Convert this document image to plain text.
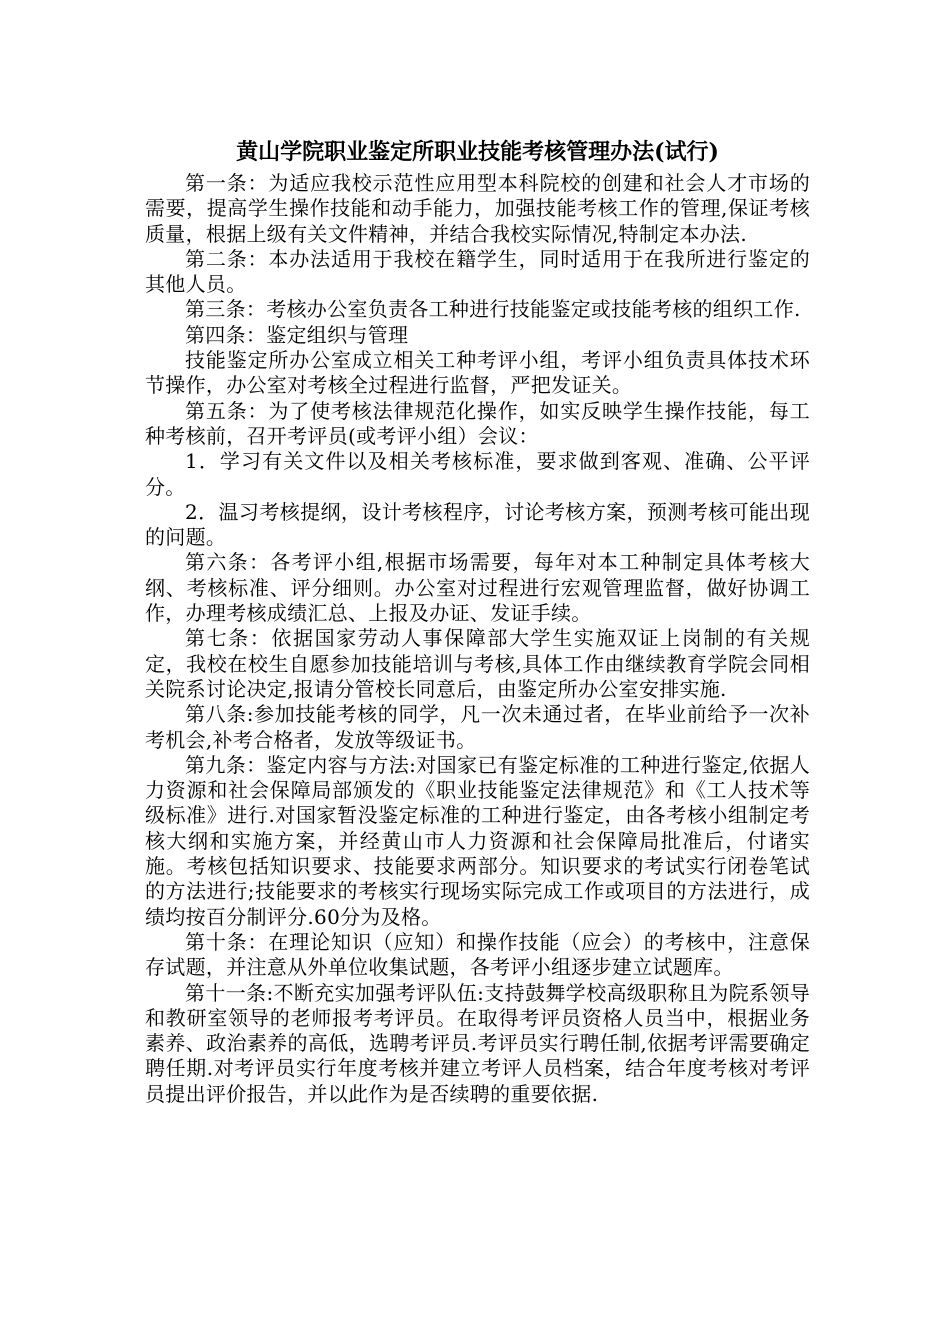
黄山学院职业鉴定所职业技能考核管理办法(试行)

第一条：为适应我校示范性应用型本科院校的创建和社会人才市场的需要，提高学生操作技能和动手能力，加强技能考核工作的管理,保证考核质量，根据上级有关文件精神，并结合我校实际情况,特制定本办法.

第二条：本办法适用于我校在籍学生，同时适用于在我所进行鉴定的其他人员。

第三条：考核办公室负责各工种进行技能鉴定或技能考核的组织工作.

第四条：鉴定组织与管理

技能鉴定所办公室成立相关工种考评小组，考评小组负责具体技术环节操作，办公室对考核全过程进行监督，严把发证关。

第五条：为了使考核法律规范化操作，如实反映学生操作技能，每工种考核前，召开考评员(或考评小组）会议：

1．学习有关文件以及相关考核标准，要求做到客观、准确、公平评分。

2．温习考核提纲，设计考核程序，讨论考核方案，预测考核可能出现的问题。

第六条：各考评小组,根据市场需要，每年对本工种制定具体考核大纲、考核标准、评分细则。办公室对过程进行宏观管理监督，做好协调工作，办理考核成绩汇总、上报及办证、发证手续。

第七条：依据国家劳动人事保障部大学生实施双证上岗制的有关规定，我校在校生自愿参加技能培训与考核,具体工作由继续教育学院会同相关院系讨论决定,报请分管校长同意后，由鉴定所办公室安排实施.

第八条:参加技能考核的同学，凡一次未通过者，在毕业前给予一次补考机会,补考合格者，发放等级证书。

第九条：鉴定内容与方法:对国家已有鉴定标准的工种进行鉴定,依据人力资源和社会保障局部颁发的《职业技能鉴定法律规范》和《工人技术等级标准》进行.对国家暂没鉴定标准的工种进行鉴定，由各考核小组制定考核大纲和实施方案，并经黄山市人力资源和社会保障局批准后，付诸实施。考核包括知识要求、技能要求两部分。知识要求的考试实行闭卷笔试的方法进行;技能要求的考核实行现场实际完成工作或项目的方法进行，成绩均按百分制评分.60分为及格。

第十条：在理论知识（应知）和操作技能（应会）的考核中，注意保存试题，并注意从外单位收集试题，各考评小组逐步建立试题库。

第十一条:不断充实加强考评队伍:支持鼓舞学校高级职称且为院系领导和教研室领导的老师报考考评员。在取得考评员资格人员当中，根据业务素养、政治素养的高低，选聘考评员.考评员实行聘任制,依据考评需要确定聘任期.对考评员实行年度考核并建立考评人员档案，结合年度考核对考评员提出评价报告，并以此作为是否续聘的重要依据.
